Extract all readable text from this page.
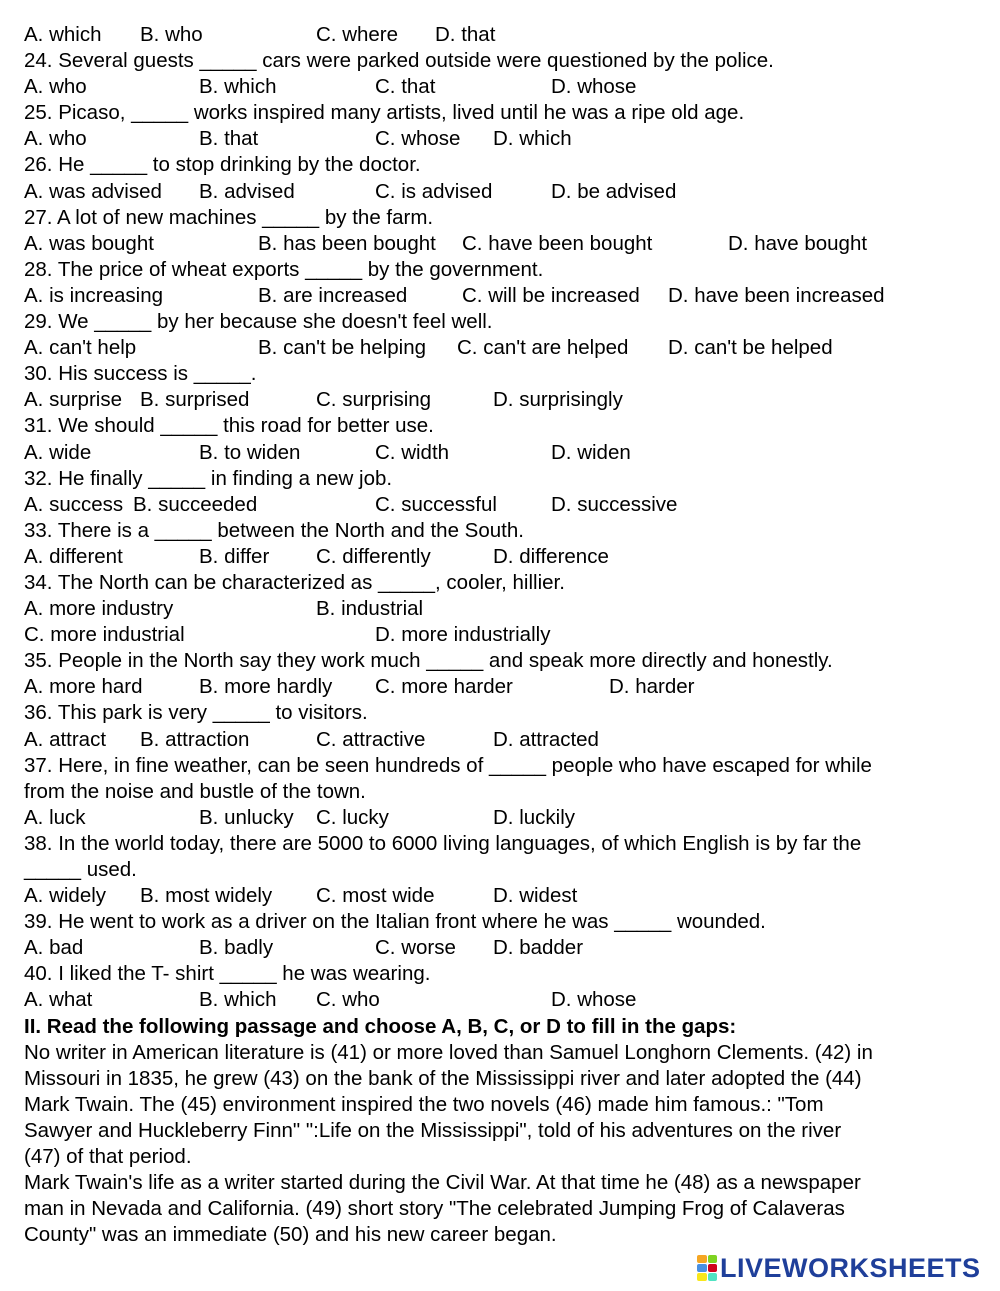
A. which B. who	C. where D. that
24. Several guests _____ cars were parked outside were questioned by the police.
A. who	B. which	C. that	D. whose
25. Picaso, _____ works inspired many artists, lived until he was a ripe old age.
A. who	B. that	C. whose D. which
26. He _____ to stop drinking by the doctor.
A. was advised B. advised	C. is advised	D. be advised
27. A lot of new machines _____ by the farm.
A. was bought	B. has been bought C. have been bought	D. have bought
28. The price of wheat exports _____ by the government.
A. is increasing	B. are increased	C. will be increased D. have been increased
29. We _____ by her because she doesn't feel well.
A. can't help	B. can't be helping C. can't are helped D. can't be helped
30. His success is _____.
A. surprise B. surprised	C. surprising	D. surprisingly
31. We should _____ this road for better use.
A. wide	B. to widen	C. width	D. widen
32. He finally _____ in finding a new job.
A. success B. succeeded	C. successful	D. successive
33. There is a _____ between the North and the South.
A. different	B. differ C. differently	D. difference
34. The North can be characterized as _____, cooler, hillier.
A. more industry	B. industrial
C. more industrial	D. more industrially
35. People in the North say they work much _____ and speak more directly and honestly.
A. more hard	B. more hardly C. more harder	D. harder
36. This park is very _____ to visitors.
A. attract B. attraction	C. attractive	D. attracted
37. Here, in fine weather, can be seen hundreds of _____ people who have escaped for while
from the noise and bustle of the town.
A. luck	B. unlucky C. lucky	D. luckily
38. In the world today, there are 5000 to 6000 living languages, of which English is by far the
_____ used.
A. widely B. most widely C. most wide	D. widest
39. He went to work as a driver on the Italian front where he was _____ wounded.
A. bad	B. badly	C. worse D. badder
40. I liked the T- shirt _____ he was wearing.
A. what	B. which C. who	D. whose
II. Read the following passage and choose A, B, C, or D to fill in the gaps:
No writer in American literature is (41) or more loved than Samuel Longhorn Clements. (42) in
Missouri in 1835, he grew (43) on the bank of the Mississippi river and later adopted the (44)
Mark Twain. The (45) environment inspired the two novels (46) made him famous.: "Tom
Sawyer and Huckleberry Finn" ":Life on the Mississippi", told of his adventures on the river
(47) of that period.
Mark Twain's life as a writer started during the Civil War. At that time he (48) as a newspaper
man in Nevada and California. (49) short story "The celebrated Jumping Frog of Calaveras
County" was an immediate (50) and his new career began.
LIVEWORKSHEETS
